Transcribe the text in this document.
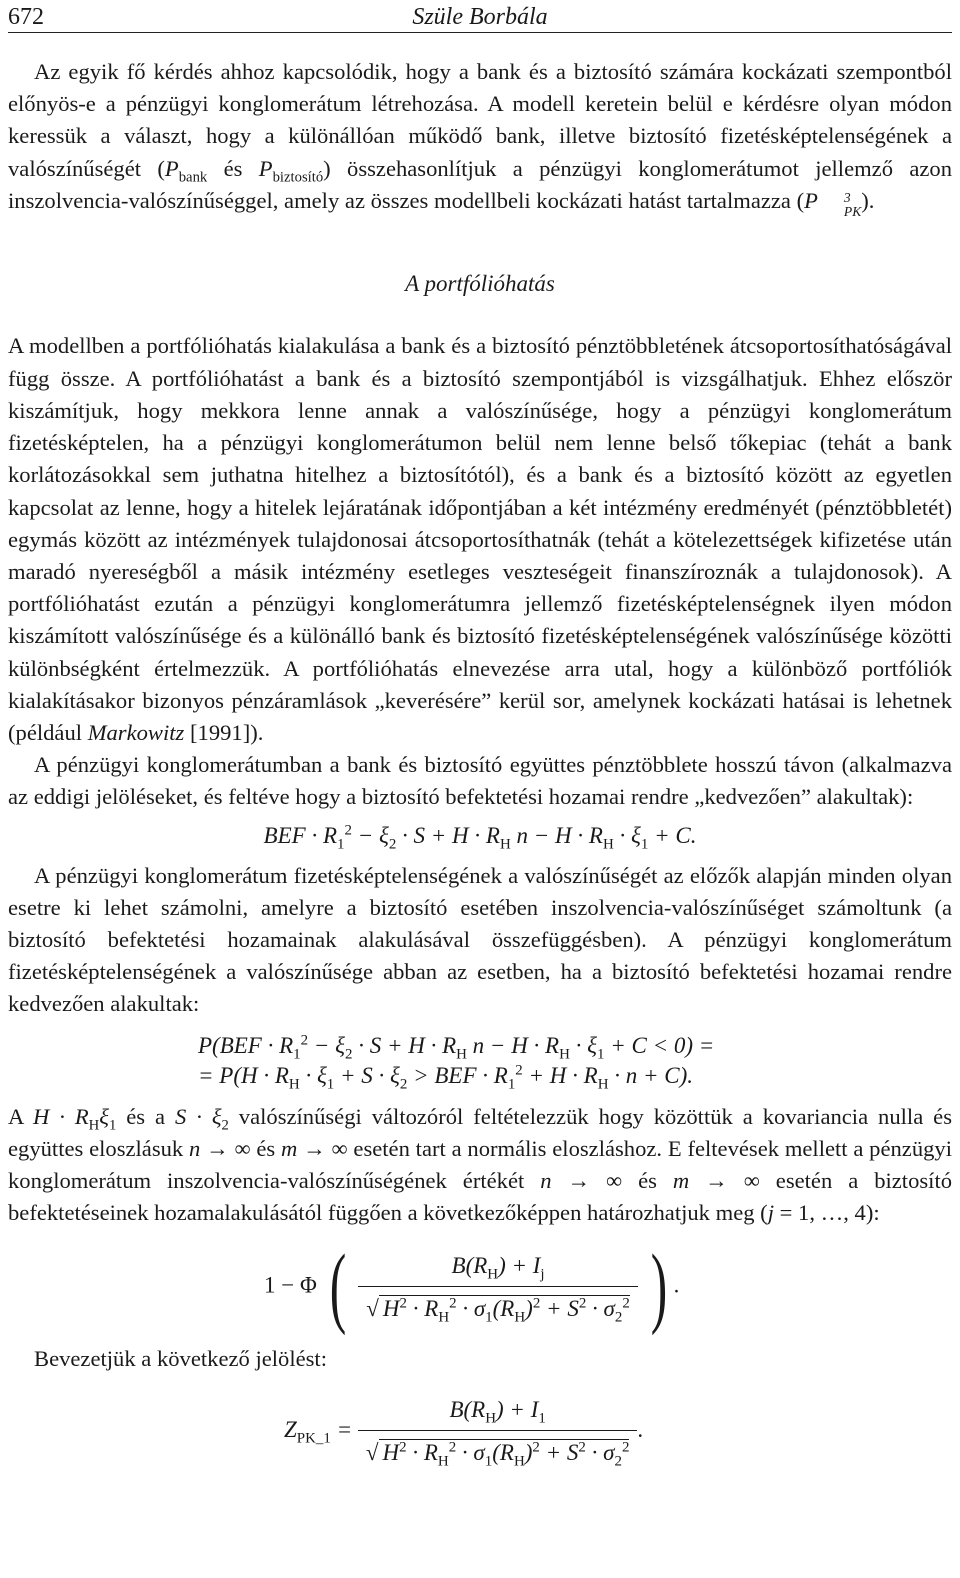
672	Szüle Borbála

Az egyik fő kérdés ahhoz kapcsolódik, hogy a bank és a biztosító számára kockázati szempontból előnyös-e a pénzügyi konglomerátum létrehozása. A modell keretein belül e kérdésre olyan módon keressük a választ, hogy a különállóan működő bank, illetve biztosító fizetésképtelenségének a valószínűségét ($P_{bank}$ és $P_{biztosító}$) összehasonlítjuk a pénzügyi konglomerátumot jellemző azon inszolvencia-valószínűséggel, amely az összes modellbeli kockázati hatást tartalmazza (P	3
PK ).

A portfólióhatás

A modellben a portfólióhatás kialakulása a bank és a biztosító pénztöbbletének átcsoportosíthatóságával függ össze. A portfólióhatást a bank és a biztosító szempontjából is vizsgálhatjuk. Ehhez először kiszámítjuk, hogy mekkora lenne annak a valószínűsége, hogy a pénzügyi konglomerátum fizetésképtelen, ha a pénzügyi konglomerátumon belül nem lenne belső tőkepiac (tehát a bank korlátozásokkal sem juthatna hitelhez a biztosítótól), és a bank és a biztosító között az egyetlen kapcsolat az lenne, hogy a hitelek lejáratának időpontjában a két intézmény eredményét (pénztöbbletét) egymás között az intézmények tulajdonosai átcsoportosíthatnák (tehát a kötelezettségek kifizetése után maradó nyereségből a másik intézmény esetleges veszteségeit finanszíroznák a tulajdonosok). A portfólióhatást ezután a pénzügyi konglomerátumra jellemző fizetésképtelenségnek ilyen módon kiszámított valószínűsége és a különálló bank és biztosító fizetésképtelenségének valószínűsége közötti különbségként értelmezzük. A portfólióhatás elnevezése arra utal, hogy a különböző portfóliók kialakításakor bizonyos pénzáramlások „keverésére” kerül sor, amelynek kockázati hatásai is lehetnek (például Markowitz [1991]).

A pénzügyi konglomerátumban a bank és biztosító együttes pénztöbblete hosszú távon (alkalmazva az eddigi jelöléseket, és feltéve hogy a biztosító befektetési hozamai rendre „kedvezően” alakultak):

BEF · $R_1^2 - \xi_2 \cdot S + H \cdot R_H$ $n - H \cdot R_H \cdot \xi_1 + C$.

A pénzügyi konglomerátum fizetésképtelenségének a valószínűségét az előzők alapján minden olyan esetre ki lehet számolni, amelyre a biztosító esetében inszolvencia-valószínűséget számoltunk (a biztosító befektetési hozamainak alakulásával összefüggésben). A pénzügyi konglomerátum fizetésképtelenségének a valószínűsége abban az esetben, ha a biztosító befektetési hozamai rendre kedvezően alakultak:

$P(BEF \cdot R_1^2 - \xi_2 \cdot S + H \cdot R_H$ $n - H \cdot R_H \cdot \xi_1 + C < 0$) =
= $P(H \cdot R_H \cdot \xi_1 + S \cdot \xi_2$ > BEF · $R_1^2 + H \cdot R_H \cdot n + C$).

A $H \cdot R_H\xi_1$ és a $S \cdot \xi_2$ valószínűségi változóról feltételezzük hogy közöttük a kovariancia nulla és együttes eloszlásuk n → ∞ és m → ∞ esetén tart a normális eloszláshoz. E feltevések mellett a pénzügyi konglomerátum inszolvencia-valószínűségének értékét n → ∞ és m → ∞ esetén a biztosító befektetéseinek hozamalakulásától függően a következőképpen határozhatjuk meg (j = 1, …, 4):

1 − Φ ( $\frac{B(R_H) + I_j}{√ H^2 \cdot R_H^2 \cdot \sigma_1(R_H)^2 + S^2 \cdot \sigma_2^2}$ ) .

Bevezetjük a következő jelölést:

$Z_{PK\_1} = \frac{B(R_H) + I_1}{√ H^2 \cdot R_H^2 \cdot \sigma_1(R_H)^2 + S^2 \cdot \sigma_2^2}$ .
